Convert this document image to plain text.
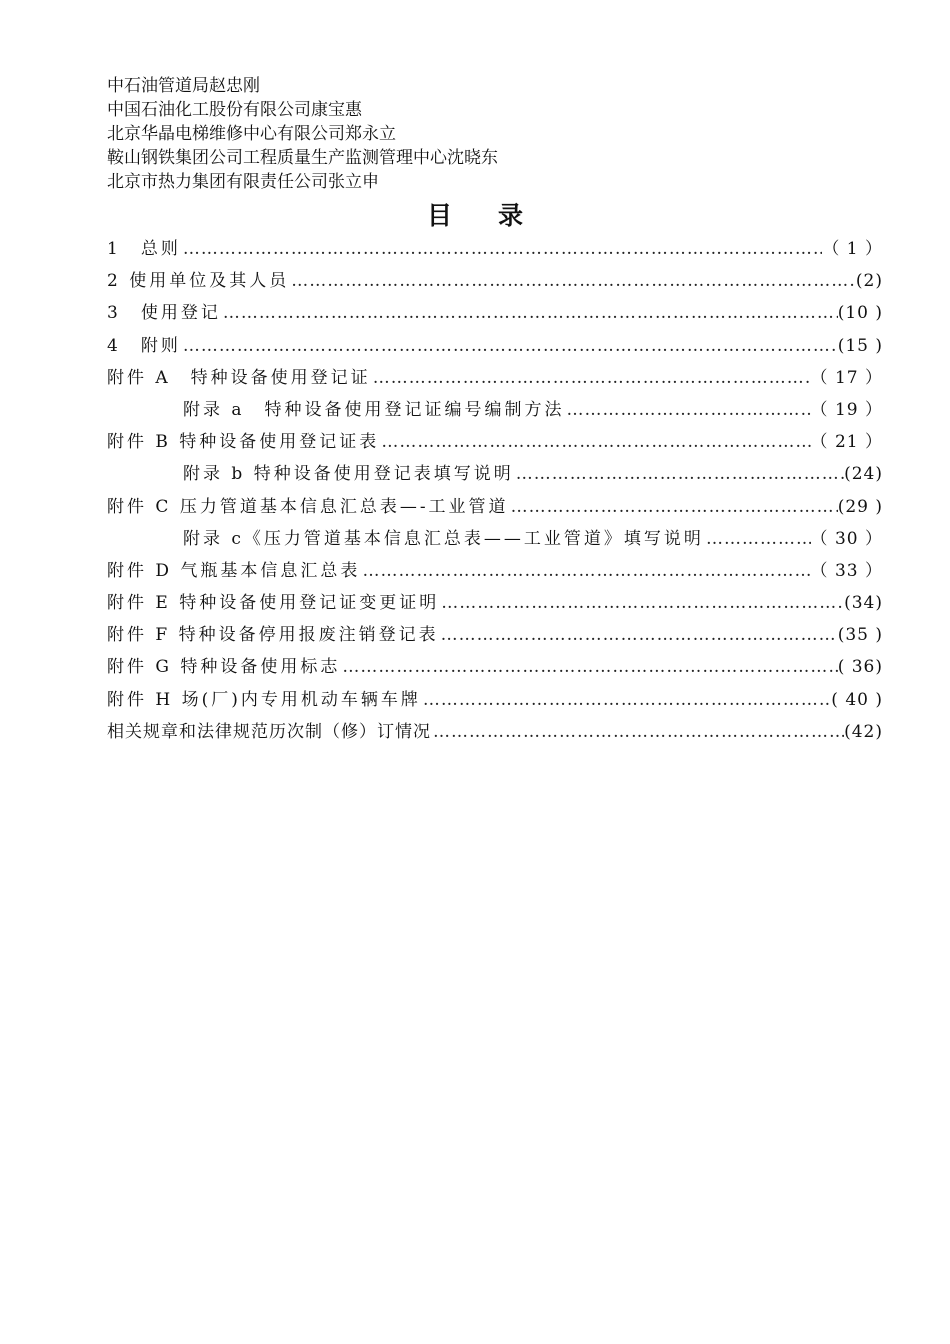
中石油管道局赵忠刚
中国石油化工股份有限公司康宝惠
北京华晶电梯维修中心有限公司郑永立
鞍山钢铁集团公司工程质量生产监测管理中心沈晓东
北京市热力集团有限责任公司张立申
目 录
1　总则 …………………………………………………………………………………………………………………………………………………………………………	（ 1 ）
2 使用单位及其人员 …………………………………………………………………………………………………………………………………………………………………………	(2)
3　使用登记 …………………………………………………………………………………………………………………………………………………………………………	(10 )
4　附则 …………………………………………………………………………………………………………………………………………………………………………	(15 )
附件 A　特种设备使用登记证 …………………………………………………………………………………………………………………………………………………………………………	（ 17 ）
附录 a　特种设备使用登记证编号编制方法 …………………………………………………………………………………………………………………………………………………………………………	（ 19 ）
附件 B 特种设备使用登记证表 …………………………………………………………………………………………………………………………………………………………………………	（ 21 ）
附录 b 特种设备使用登记表填写说明 …………………………………………………………………………………………………………………………………………………………………………	(24)
附件 C 压力管道基本信息汇总表—-工业管道 …………………………………………………………………………………………………………………………………………………………………………	(29 )
附录 c《压力管道基本信息汇总表——工业管道》填写说明 …………………………………………………………………………………………………………………………………………………………………………	（ 30 ）
附件 D 气瓶基本信息汇总表 …………………………………………………………………………………………………………………………………………………………………………	（ 33 ）
附件 E 特种设备使用登记证变更证明 …………………………………………………………………………………………………………………………………………………………………………	(34)
附件 F 特种设备停用报废注销登记表 …………………………………………………………………………………………………………………………………………………………………………	(35 )
附件 G 特种设备使用标志 …………………………………………………………………………………………………………………………………………………………………………	( 36)
附件 H 场(厂)内专用机动车辆车牌 …………………………………………………………………………………………………………………………………………………………………………	( 40 )
相关规章和法律规范历次制（修）订情况 …………………………………………………………………………………………………………………………………………………………………………	(42)
